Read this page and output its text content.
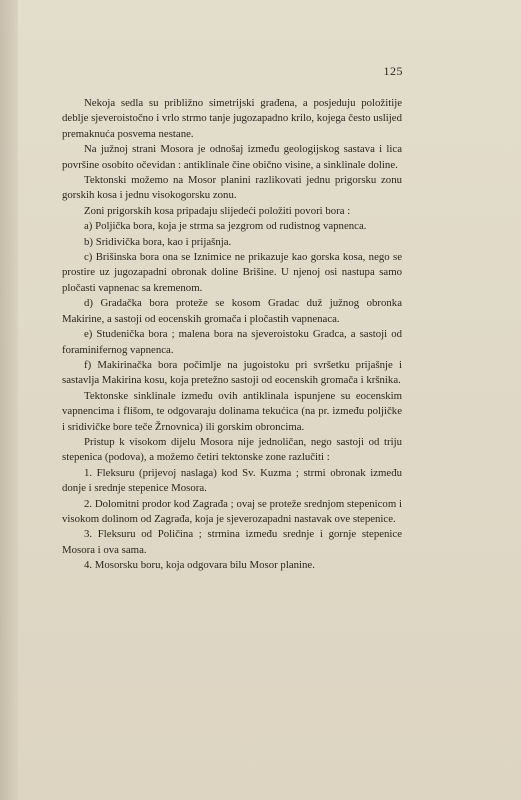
125

Nekoja sedla su približno simetrijski građena, a posjeduju položitije deblje sjeveroistočno i vrlo strmo tanje jugozapadno krilo, kojega često uslijed premaknuća posvema nestane.

Na južnoj strani Mosora je odnošaj između geologijskog sastava i lica površine osobito očevidan : antiklinale čine obično visine, a sinklinale doline.

Tektonski možemo na Mosor planini razlikovati jednu prigorsku zonu gorskih kosa i jednu visokogorsku zonu.

Zoni prigorskih kosa pripadaju slijedeći položiti povori bora :

a) Poljička bora, koja je strma sa jezgrom od rudistnog vapnenca.

b) Sridivička bora, kao i prijašnja.

c) Brišinska bora ona se Iznimice ne prikazuje kao gorska kosa, nego se prostire uz jugozapadni obronak doline Brišine. U njenoj osi nastupa samo pločasti vapnenac sa kremenom.

d) Gradačka bora proteže se kosom Gradac duž južnog obronka Makirine, a sastoji od eocenskih gromača i pločastih vapnenaca.

e) Studenička bora ; malena bora na sjeveroistoku Gradca, a sastoji od foraminifernog vapnenca.

f) Makirinačka bora počimlje na jugoistoku pri svršetku prijašnje i sastavlja Makirina kosu, koja pretežno sastoji od eocenskih gromača i kršnika.

Tektonske sinklinale između ovih antiklinala ispunjene su eocenskim vapnencima i flišom, te odgovaraju dolinama tekućica (na pr. između poljičke i sridivičke bore teče Žrnovnica) ili gorskim obroncima.

Pristup k visokom dijelu Mosora nije jednoličan, nego sastoji od triju stepenica (podova), a možemo četiri tektonske zone razlučiti :

1. Fleksuru (prijevoj naslaga) kod Sv. Kuzma ; strmi obronak između donje i srednje stepenice Mosora.

2. Dolomitni prodor kod Zagrađa ; ovaj se proteže srednjom stepenicom i visokom dolinom od Zagrađa, koja je sjeverozapadni nastavak ove stepenice.

3. Fleksuru od Poličina ; strmina između srednje i gornje stepenice Mosora i ova sama.

4. Mosorsku boru, koja odgovara bilu Mosor planine.
